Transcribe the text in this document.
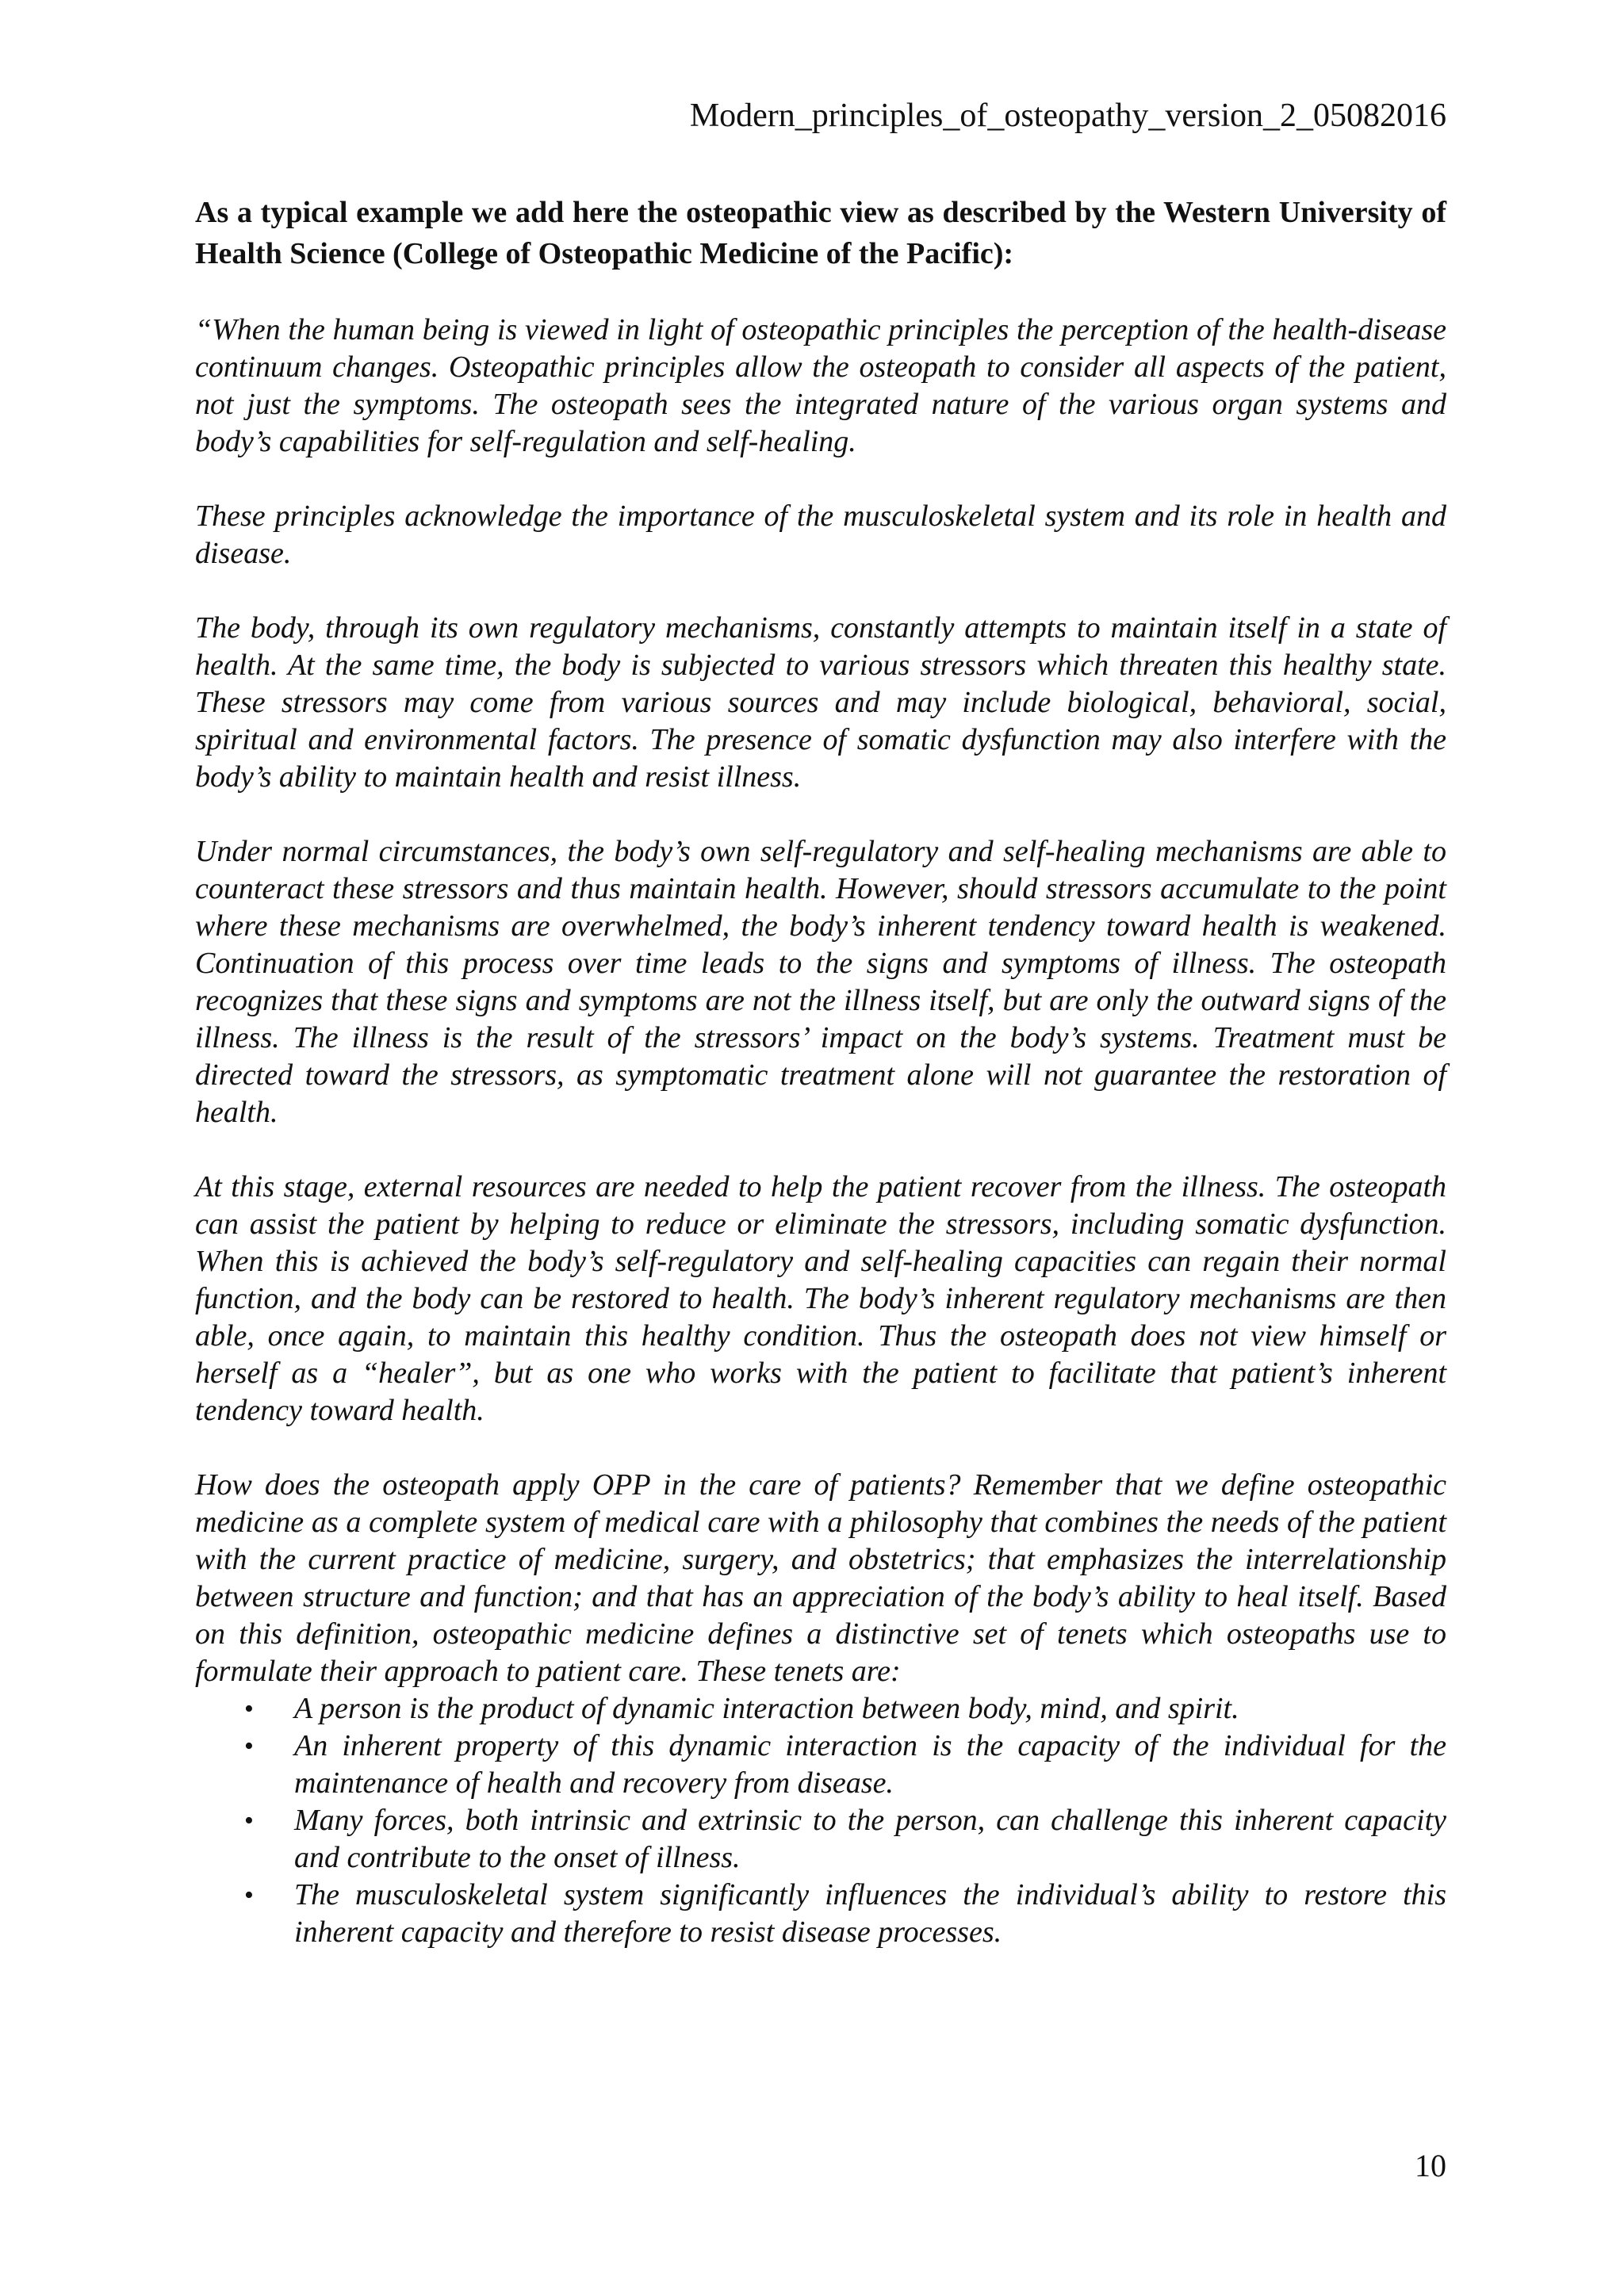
Modern_principles_of_osteopathy_version_2_05082016

As a typical example we add here the osteopathic view as described by the Western University of Health Science (College of Osteopathic Medicine of the Pacific):

“When the human being is viewed in light of osteopathic principles the perception of the health-disease continuum changes. Osteopathic principles allow the osteopath to consider all aspects of the patient, not just the symptoms. The osteopath sees the integrated nature of the various organ systems and body’s capabilities for self-regulation and self-healing.

These principles acknowledge the importance of the musculoskeletal system and its role in health and disease.

The body, through its own regulatory mechanisms, constantly attempts to maintain itself in a state of health. At the same time, the body is subjected to various stressors which threaten this healthy state. These stressors may come from various sources and may include biological, behavioral, social, spiritual and environmental factors. The presence of somatic dysfunction may also interfere with the body’s ability to maintain health and resist illness.

Under normal circumstances, the body’s own self-regulatory and self-healing mechanisms are able to counteract these stressors and thus maintain health. However, should stressors accumulate to the point where these mechanisms are overwhelmed, the body’s inherent tendency toward health is weakened. Continuation of this process over time leads to the signs and symptoms of illness. The osteopath recognizes that these signs and symptoms are not the illness itself, but are only the outward signs of the illness. The illness is the result of the stressors’ impact on the body’s systems. Treatment must be directed toward the stressors, as symptomatic treatment alone will not guarantee the restoration of health.

At this stage, external resources are needed to help the patient recover from the illness. The osteopath can assist the patient by helping to reduce or eliminate the stressors, including somatic dysfunction. When this is achieved the body’s self-regulatory and self-healing capacities can regain their normal function, and the body can be restored to health. The body’s inherent regulatory mechanisms are then able, once again, to maintain this healthy condition. Thus the osteopath does not view himself or herself as a “healer”, but as one who works with the patient to facilitate that patient’s inherent tendency toward health.

How does the osteopath apply OPP in the care of patients? Remember that we define osteopathic medicine as a complete system of medical care with a philosophy that combines the needs of the patient with the current practice of medicine, surgery, and obstetrics; that emphasizes the interrelationship between structure and function; and that has an appreciation of the body’s ability to heal itself. Based on this definition, osteopathic medicine defines a distinctive set of tenets which osteopaths use to formulate their approach to patient care. These tenets are:

• A person is the product of dynamic interaction between body, mind, and spirit.
• An inherent property of this dynamic interaction is the capacity of the individual for the maintenance of health and recovery from disease.
• Many forces, both intrinsic and extrinsic to the person, can challenge this inherent capacity and contribute to the onset of illness.
• The musculoskeletal system significantly influences the individual’s ability to restore this inherent capacity and therefore to resist disease processes.
10
